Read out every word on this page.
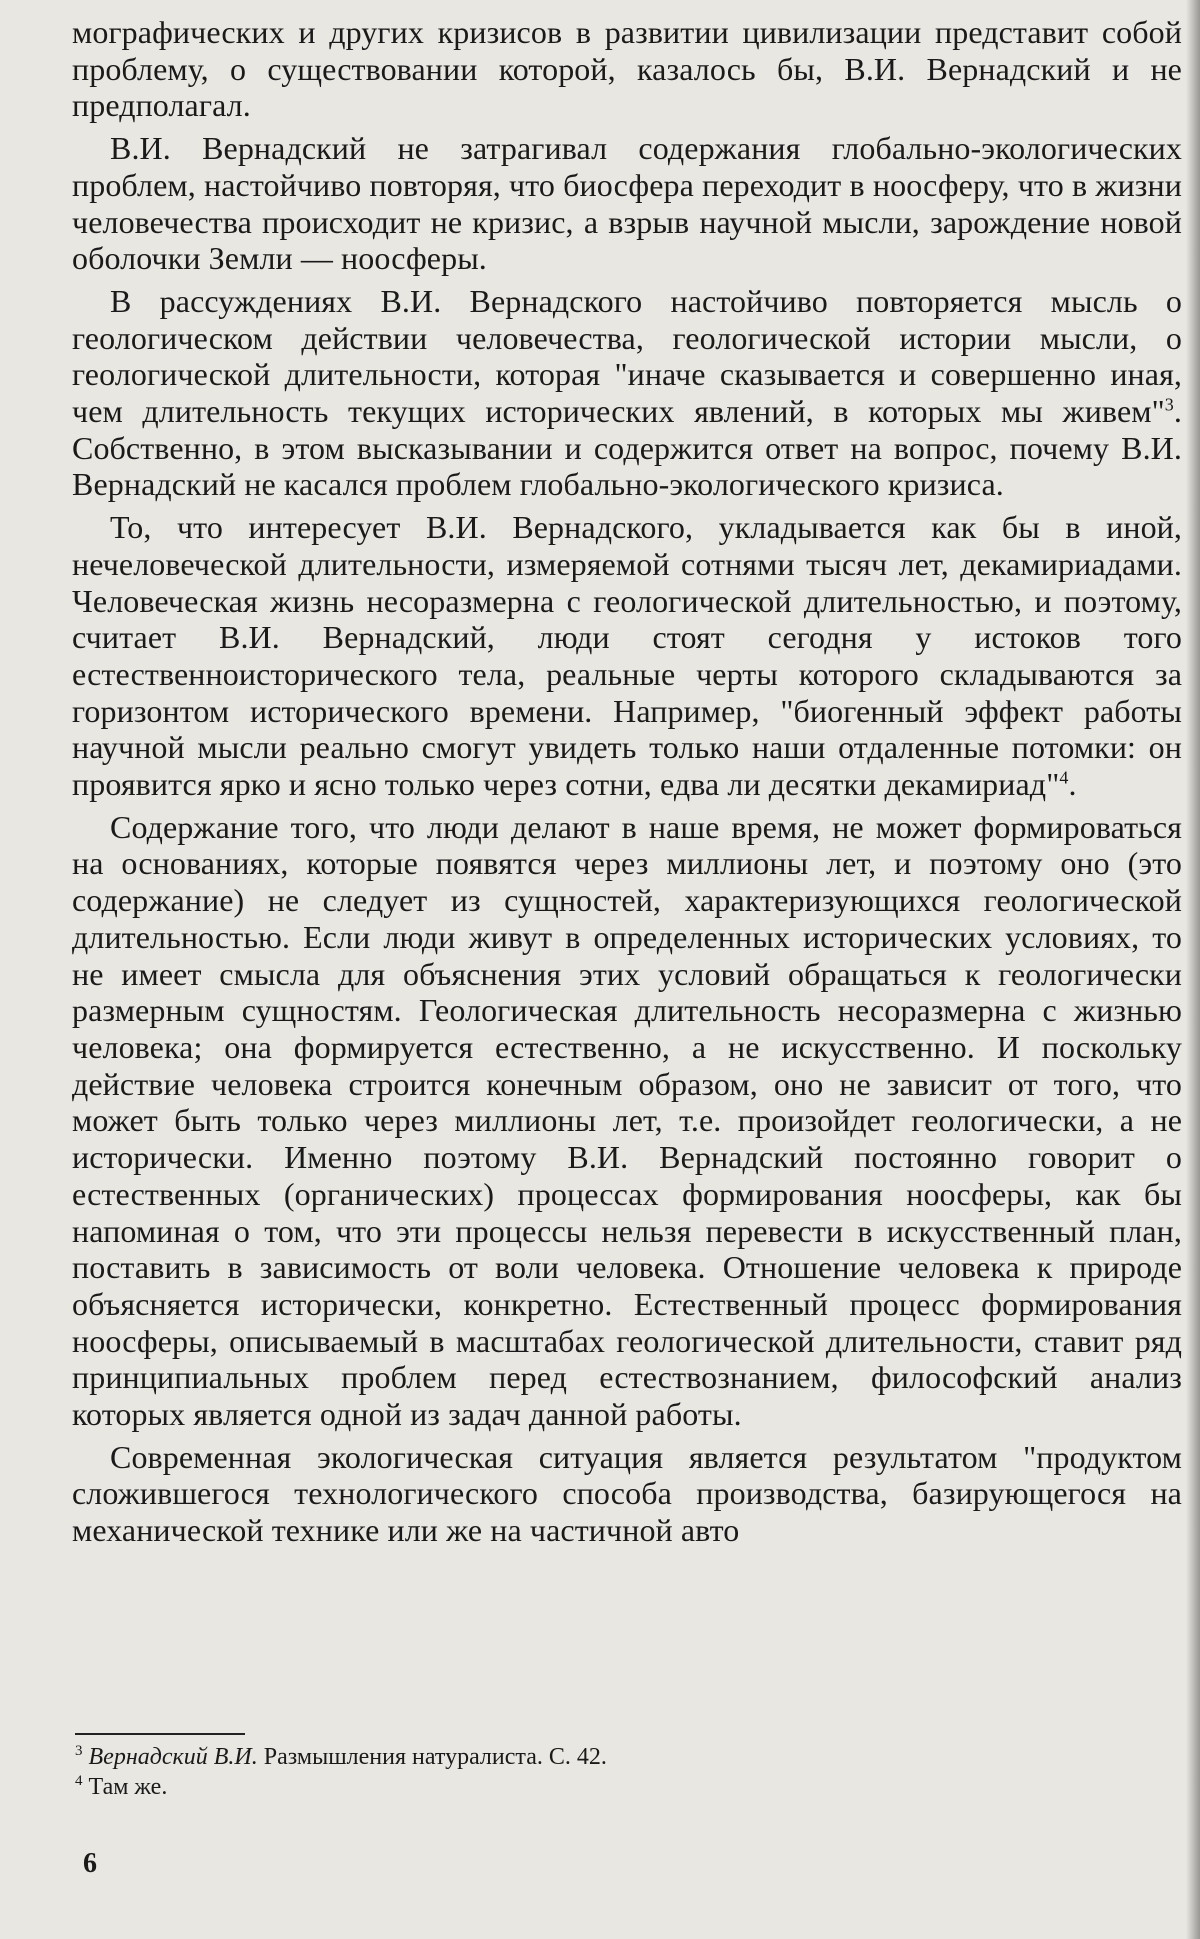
мографических и других кризисов в развитии цивилизации представит собой проблему, о существовании которой, казалось бы, В.И. Вернадский и не предполагал.

В.И. Вернадский не затрагивал содержания глобально-экологических проблем, настойчиво повторяя, что биосфера переходит в ноосферу, что в жизни человечества происходит не кризис, а взрыв научной мысли, зарождение новой оболочки Земли — ноосферы.

В рассуждениях В.И. Вернадского настойчиво повторяется мысль о геологическом действии человечества, геологической истории мысли, о геологической длительности, которая "иначе сказывается и совершенно иная, чем длительность текущих исторических явлений, в которых мы живем"$^3$. Собственно, в этом высказывании и содержится ответ на вопрос, почему В.И. Вернадский не касался проблем глобально-экологического кризиса.

То, что интересует В.И. Вернадского, укладывается как бы в иной, нечеловеческой длительности, измеряемой сотнями тысяч лет, декамириадами. Человеческая жизнь несоразмерна с геологической длительностью, и поэтому, считает В.И. Вернадский, люди стоят сегодня у истоков того естественноисторического тела, реальные черты которого складываются за горизонтом исторического времени. Например, "биогенный эффект работы научной мысли реально смогут увидеть только наши отдаленные потомки: он проявится ярко и ясно только через сотни, едва ли десятки декамириад"$^4$.

Содержание того, что люди делают в наше время, не может формироваться на основаниях, которые появятся через миллионы лет, и поэтому оно (это содержание) не следует из сущностей, характеризующихся геологической длительностью. Если люди живут в определенных исторических условиях, то не имеет смысла для объяснения этих условий обращаться к геологически размерным сущностям. Геологическая длительность несоразмерна с жизнью человека; она формируется естественно, а не искусственно. И поскольку действие человека строится конечным образом, оно не зависит от того, что может быть только через миллионы лет, т.е. произойдет геологически, а не исторически. Именно поэтому В.И. Вернадский постоянно говорит о естественных (органических) процессах формирования ноосферы, как бы напоминая о том, что эти процессы нельзя перевести в искусственный план, поставить в зависимость от воли человека. Отношение человека к природе объясняется исторически, конкретно. Естественный процесс формирования ноосферы, описываемый в масштабах геологической длительности, ставит ряд принципиальных проблем перед естествознанием, философский анализ которых является одной из задач данной работы.

Современная экологическая ситуация является результатом "продуктом сложившегося технологического способа производства, базирующегося на механической технике или же на частичной авто

$^3$ Вернадский В.И. Размышления натуралиста. С. 42.

$^4$ Там же.

6
